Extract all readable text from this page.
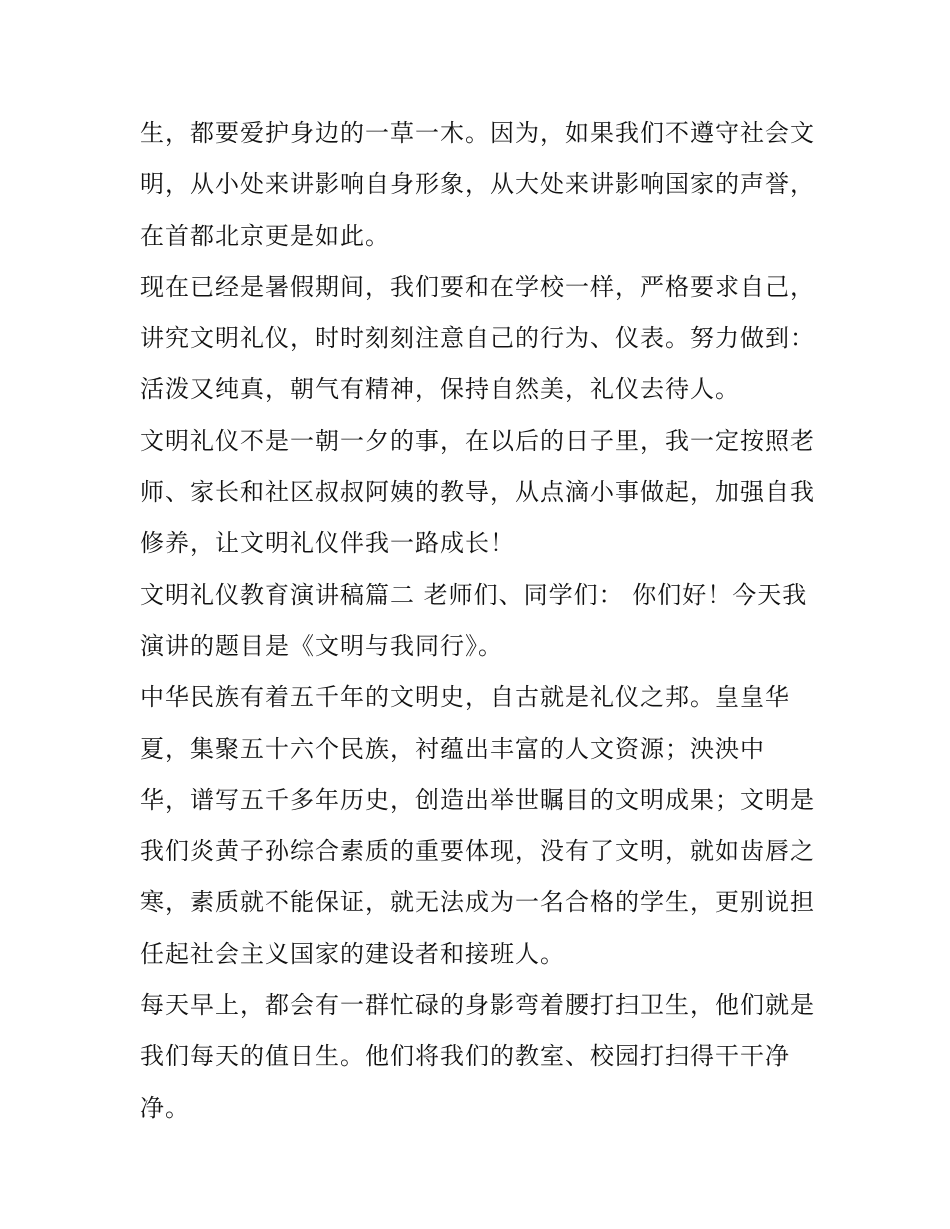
生，都要爱护身边的一草一木。因为，如果我们不遵守社会文
明，从小处来讲影响自身形象，从大处来讲影响国家的声誉，
在首都北京更是如此。
现在已经是暑假期间，我们要和在学校一样，严格要求自己，
讲究文明礼仪，时时刻刻注意自己的行为、仪表。努力做到：
活泼又纯真，朝气有精神，保持自然美，礼仪去待人。
文明礼仪不是一朝一夕的事，在以后的日子里，我一定按照老
师、家长和社区叔叔阿姨的教导，从点滴小事做起，加强自我
修养，让文明礼仪伴我一路成长！
文明礼仪教育演讲稿篇二 老师们、同学们： 你们好！今天我
演讲的题目是《文明与我同行》。
中华民族有着五千年的文明史，自古就是礼仪之邦。皇皇华
夏，集聚五十六个民族，衬蕴出丰富的人文资源；泱泱中
华，谱写五千多年历史，创造出举世瞩目的文明成果；文明是
我们炎黄子孙综合素质的重要体现，没有了文明，就如齿唇之
寒，素质就不能保证，就无法成为一名合格的学生，更别说担
任起社会主义国家的建设者和接班人。
每天早上，都会有一群忙碌的身影弯着腰打扫卫生，他们就是
我们每天的值日生。他们将我们的教室、校园打扫得干干净
净。
